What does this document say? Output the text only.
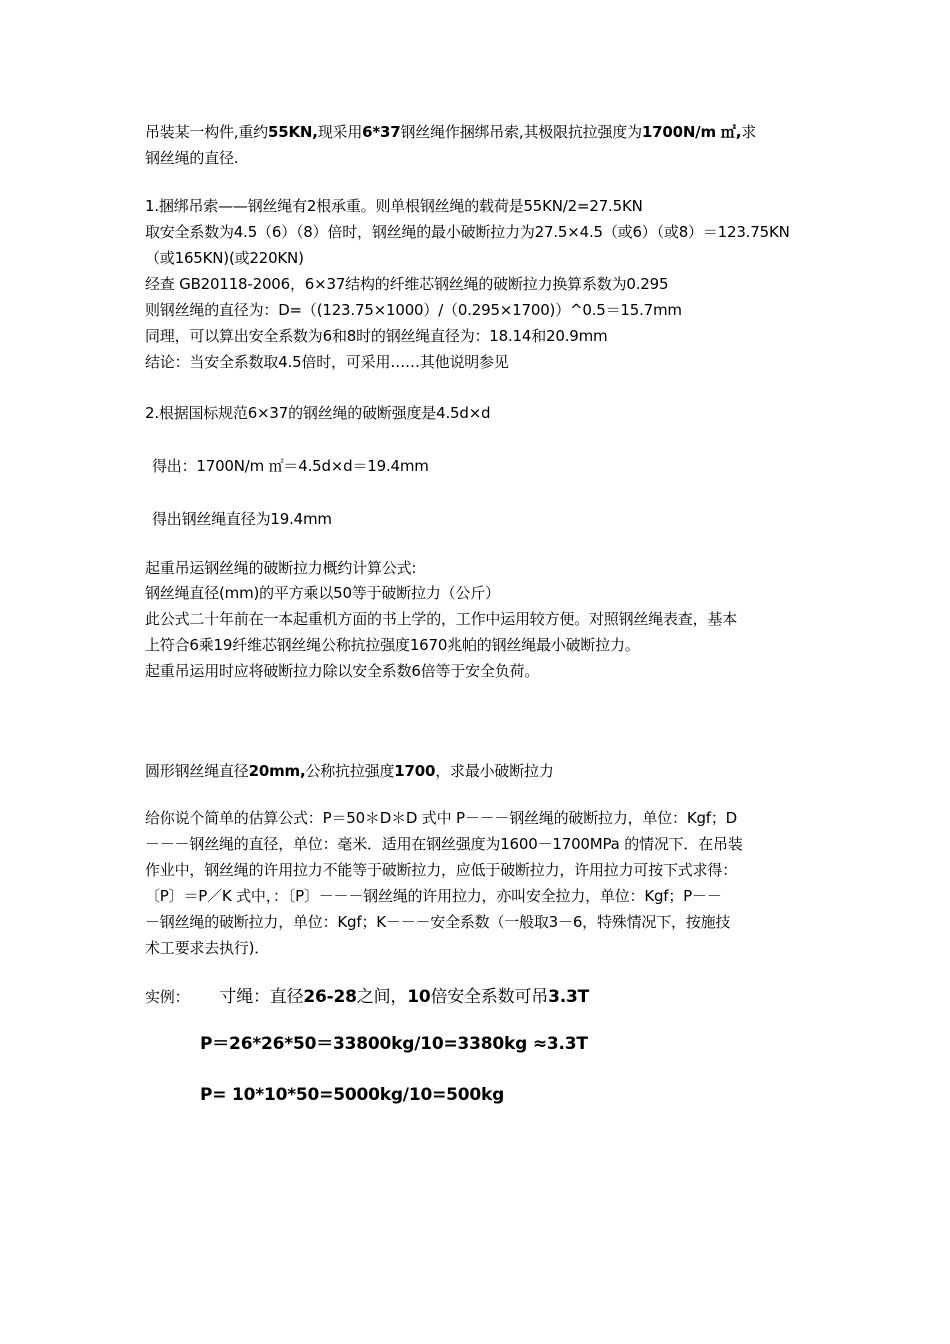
吊装某一构件,重约55KN,现采用6*37钢丝绳作捆绑吊索,其极限抗拉强度为1700N/m ㎡,求
钢丝绳的直径.
1.捆绑吊索——钢丝绳有2根承重。则单根钢丝绳的载荷是55KN/2=27.5KN
取安全系数为4.5（6）（8）倍时，钢丝绳的最小破断拉力为27.5×4.5（或6）（或8）＝123.75KN
（或165KN)(或220KN)
经查 GB20118-2006，6×37结构的纤维芯钢丝绳的破断拉力换算系数为0.295
则钢丝绳的直径为：D=（(123.75×1000）/（0.295×1700)）^0.5＝15.7mm
同理，可以算出安全系数为6和8时的钢丝绳直径为：18.14和20.9mm
结论：当安全系数取4.5倍时，可采用……其他说明参见
2.根据国标规范6×37的钢丝绳的破断强度是4.5d×d
得出：1700N/m ㎡＝4.5d×d＝19.4mm
得出钢丝绳直径为19.4mm
起重吊运钢丝绳的破断拉力概约计算公式:
钢丝绳直径(mm)的平方乘以50等于破断拉力（公斤）
此公式二十年前在一本起重机方面的书上学的，工作中运用较方便。对照钢丝绳表查，基本
上符合6乘19纤维芯钢丝绳公称抗拉强度1670兆帕的钢丝绳最小破断拉力。
起重吊运用时应将破断拉力除以安全系数6倍等于安全负荷。
圆形钢丝绳直径20mm,公称抗拉强度1700，求最小破断拉力
给你说个简单的估算公式：P＝50＊D＊D 式中 P－－－钢丝绳的破断拉力，单位：Kgf；D
－－－钢丝绳的直径，单位：毫米．适用在钢丝强度为1600－1700MPa 的情况下．在吊装
作业中，钢丝绳的许用拉力不能等于破断拉力，应低于破断拉力，许用拉力可按下式求得：
〔P〕＝P／K 式中，：〔P〕－－－钢丝绳的许用拉力，亦叫安全拉力，单位：Kgf；P－－
－钢丝绳的破断拉力，单位：Kgf；K－－－安全系数（一般取3－6，特殊情况下，按施技
术工要求去执行)．
实例： 寸绳：直径26-28之间，10倍安全系数可吊3.3T
P＝26*26*50＝33800kg/10=3380kg ≈3.3T
P= 10*10*50=5000kg/10=500kg
